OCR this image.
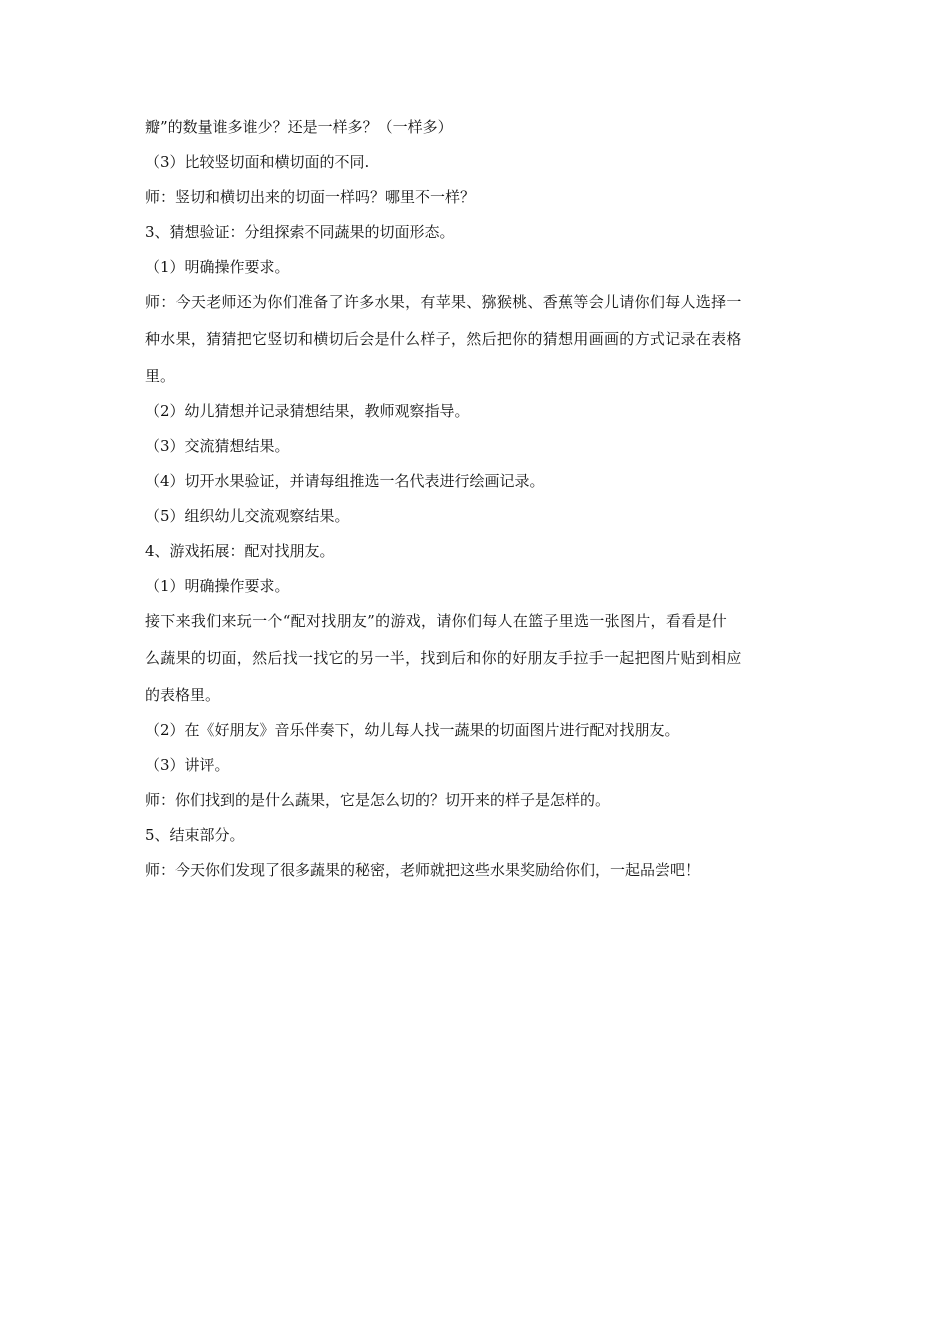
瓣”的数量谁多谁少？还是一样多？（一样多）
（3）比较竖切面和横切面的不同.
师：竖切和横切出来的切面一样吗？哪里不一样？
3、猜想验证：分组探索不同蔬果的切面形态。
（1）明确操作要求。
师：今天老师还为你们准备了许多水果，有苹果、猕猴桃、香蕉等会儿请你们每人选择一
种水果，猜猜把它竖切和横切后会是什么样子，然后把你的猜想用画画的方式记录在表格
里。
（2）幼儿猜想并记录猜想结果，教师观察指导。
（3）交流猜想结果。
（4）切开水果验证，并请每组推选一名代表进行绘画记录。
（5）组织幼儿交流观察结果。
4、游戏拓展：配对找朋友。
（1）明确操作要求。
接下来我们来玩一个“配对找朋友”的游戏，请你们每人在篮子里选一张图片，看看是什
么蔬果的切面，然后找一找它的另一半，找到后和你的好朋友手拉手一起把图片贴到相应
的表格里。
（2）在《好朋友》音乐伴奏下，幼儿每人找一蔬果的切面图片进行配对找朋友。
（3）讲评。
师：你们找到的是什么蔬果，它是怎么切的？切开来的样子是怎样的。
5、结束部分。
师：今天你们发现了很多蔬果的秘密，老师就把这些水果奖励给你们，一起品尝吧！
